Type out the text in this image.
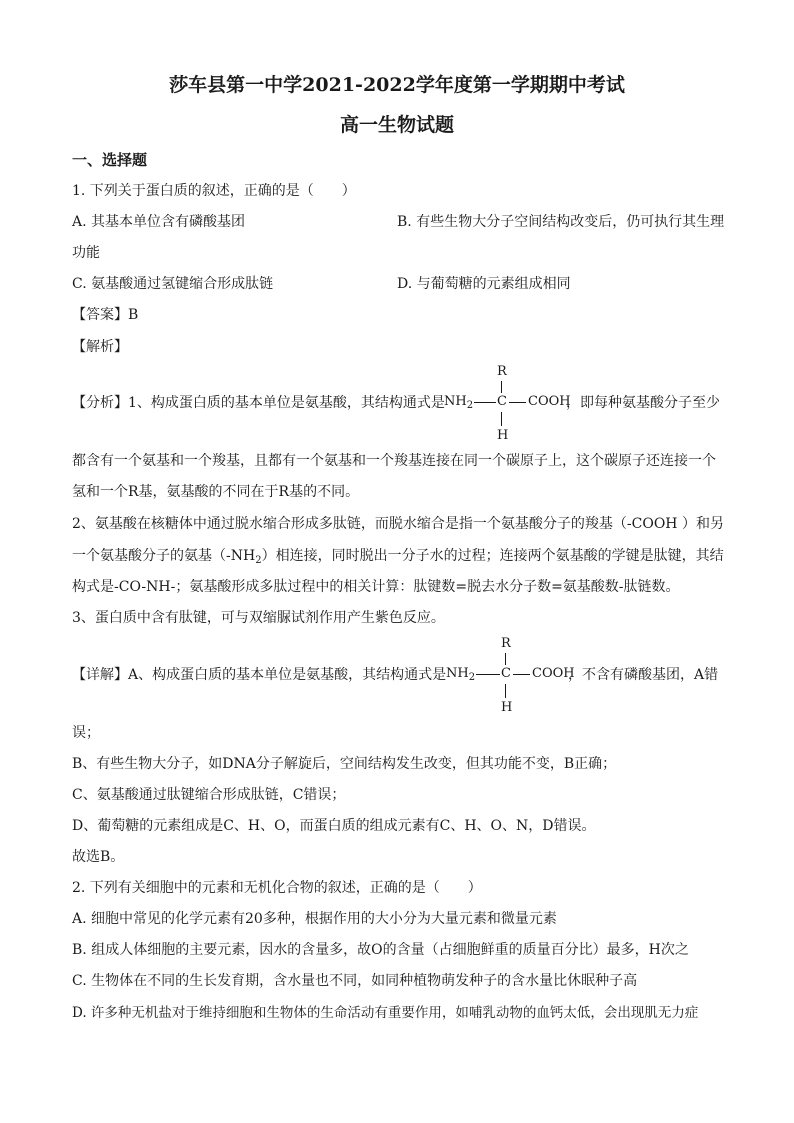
莎车县第一中学2021-2022学年度第一学期期中考试
高一生物试题
一、选择题
1. 下列关于蛋白质的叙述，正确的是（　　）
A. 其基本单位含有磷酸基团	B. 有些生物大分子空间结构改变后，仍可执行其生理
功能
C. 氨基酸通过氢键缩合形成肽链	D. 与葡萄糖的元素组成相同
【答案】B
【解析】
【分析】1、构成蛋白质的基本单位是氨基酸，其结构通式是
R
$NH_2$ C COOH
H
，即每种氨基酸分子至少
都含有一个氨基和一个羧基，且都有一个氨基和一个羧基连接在同一个碳原子上，这个碳原子还连接一个
氢和一个R基，氨基酸的不同在于R基的不同。
2、氨基酸在核糖体中通过脱水缩合形成多肽链，而脱水缩合是指一个氨基酸分子的羧基（-COOH ）和另
一个氨基酸分子的氨基$(-NH_2)$相连接，同时脱出一分子水的过程；连接两个氨基酸的学键是肽键，其结
构式是-CO-NH-；氨基酸形成多肽过程中的相关计算：肽键数=脱去水分子数=氨基酸数-肽链数。
3、蛋白质中含有肽键，可与双缩脲试剂作用产生紫色反应。
【详解】A、构成蛋白质的基本单位是氨基酸，其结构通式是
R
$NH_2$ C COOH
H
，不含有磷酸基团，A错
误；
B、有些生物大分子，如DNA分子解旋后，空间结构发生改变，但其功能不变，B正确；
C、氨基酸通过肽键缩合形成肽链，C错误；
D、葡萄糖的元素组成是C、H、O，而蛋白质的组成元素有C、H、O、N，D错误。
故选B。
2. 下列有关细胞中的元素和无机化合物的叙述，正确的是（　　）
A. 细胞中常见的化学元素有20多种，根据作用的大小分为大量元素和微量元素
B. 组成人体细胞的主要元素，因水的含量多，故O的含量（占细胞鲜重的质量百分比）最多，H次之
C. 生物体在不同的生长发育期，含水量也不同，如同种植物萌发种子的含水量比休眠种子高
D. 许多种无机盐对于维持细胞和生物体的生命活动有重要作用，如哺乳动物的血钙太低，会出现肌无力症
